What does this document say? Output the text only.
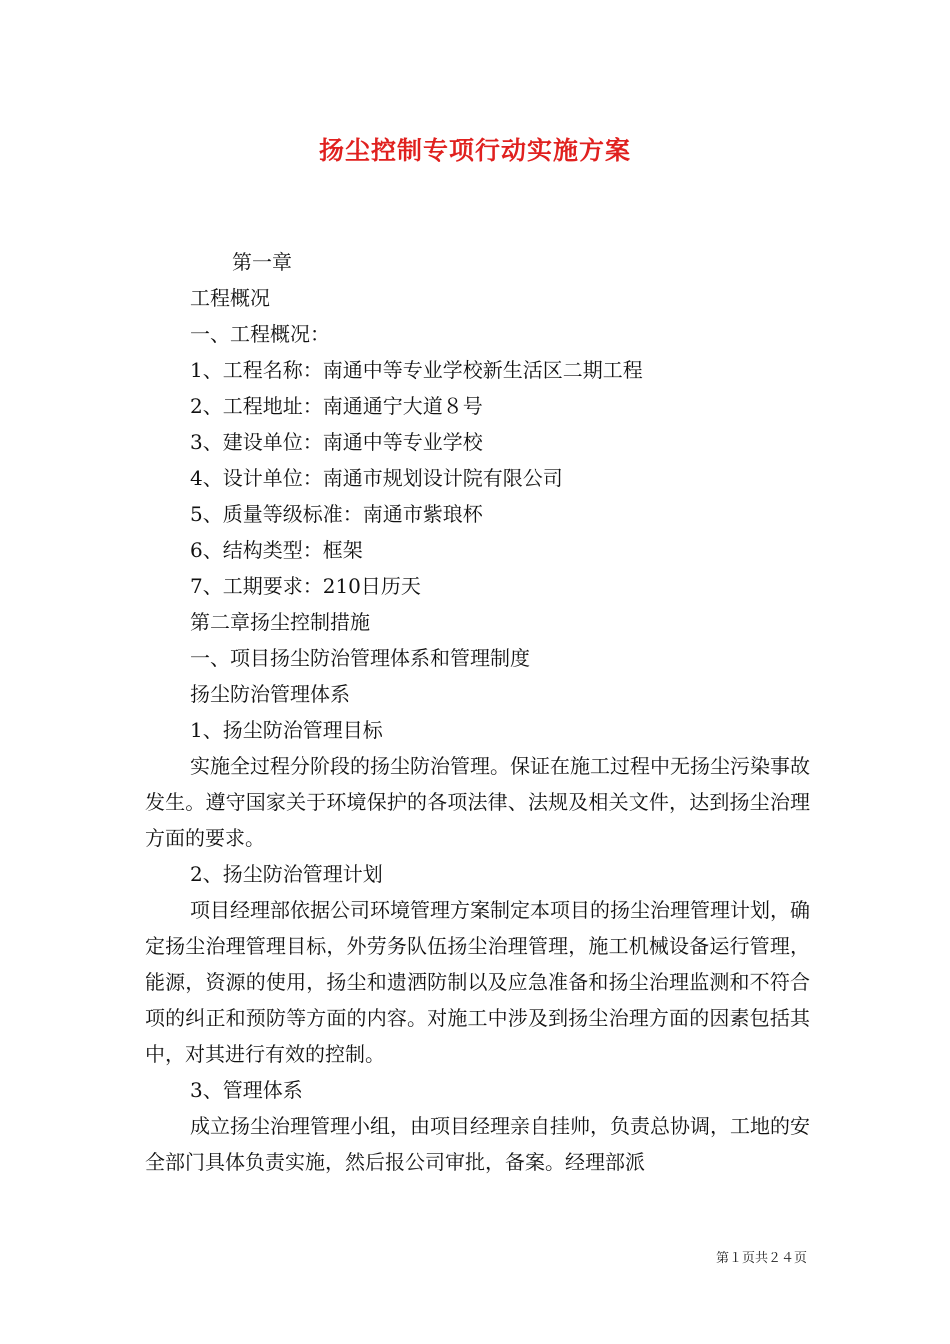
扬尘控制专项行动实施方案
第一章
工程概况
一、工程概况：
1、工程名称：南通中等专业学校新生活区二期工程
2、工程地址：南通通宁大道８号
3、建设单位：南通中等专业学校
4、设计单位：南通市规划设计院有限公司
5、质量等级标准：南通市紫琅杯
6、结构类型：框架
7、工期要求：210日历天
第二章扬尘控制措施
一、项目扬尘防治管理体系和管理制度
扬尘防治管理体系
1、扬尘防治管理目标

实施全过程分阶段的扬尘防治管理。保证在施工过程中无扬尘污染事故发生。遵守国家关于环境保护的各项法律、法规及相关文件，达到扬尘治理方面的要求。

2、扬尘防治管理计划

项目经理部依据公司环境管理方案制定本项目的扬尘治理管理计划，确定扬尘治理管理目标，外劳务队伍扬尘治理管理，施工机械设备运行管理，能源，资源的使用，扬尘和遗洒防制以及应急准备和扬尘治理监测和不符合项的纠正和预防等方面的内容。对施工中涉及到扬尘治理方面的因素包括其中，对其进行有效的控制。

3、管理体系

成立扬尘治理管理小组，由项目经理亲自挂帅，负责总协调，工地的安全部门具体负责实施，然后报公司审批，备案。经理部派

第１页共２４页
